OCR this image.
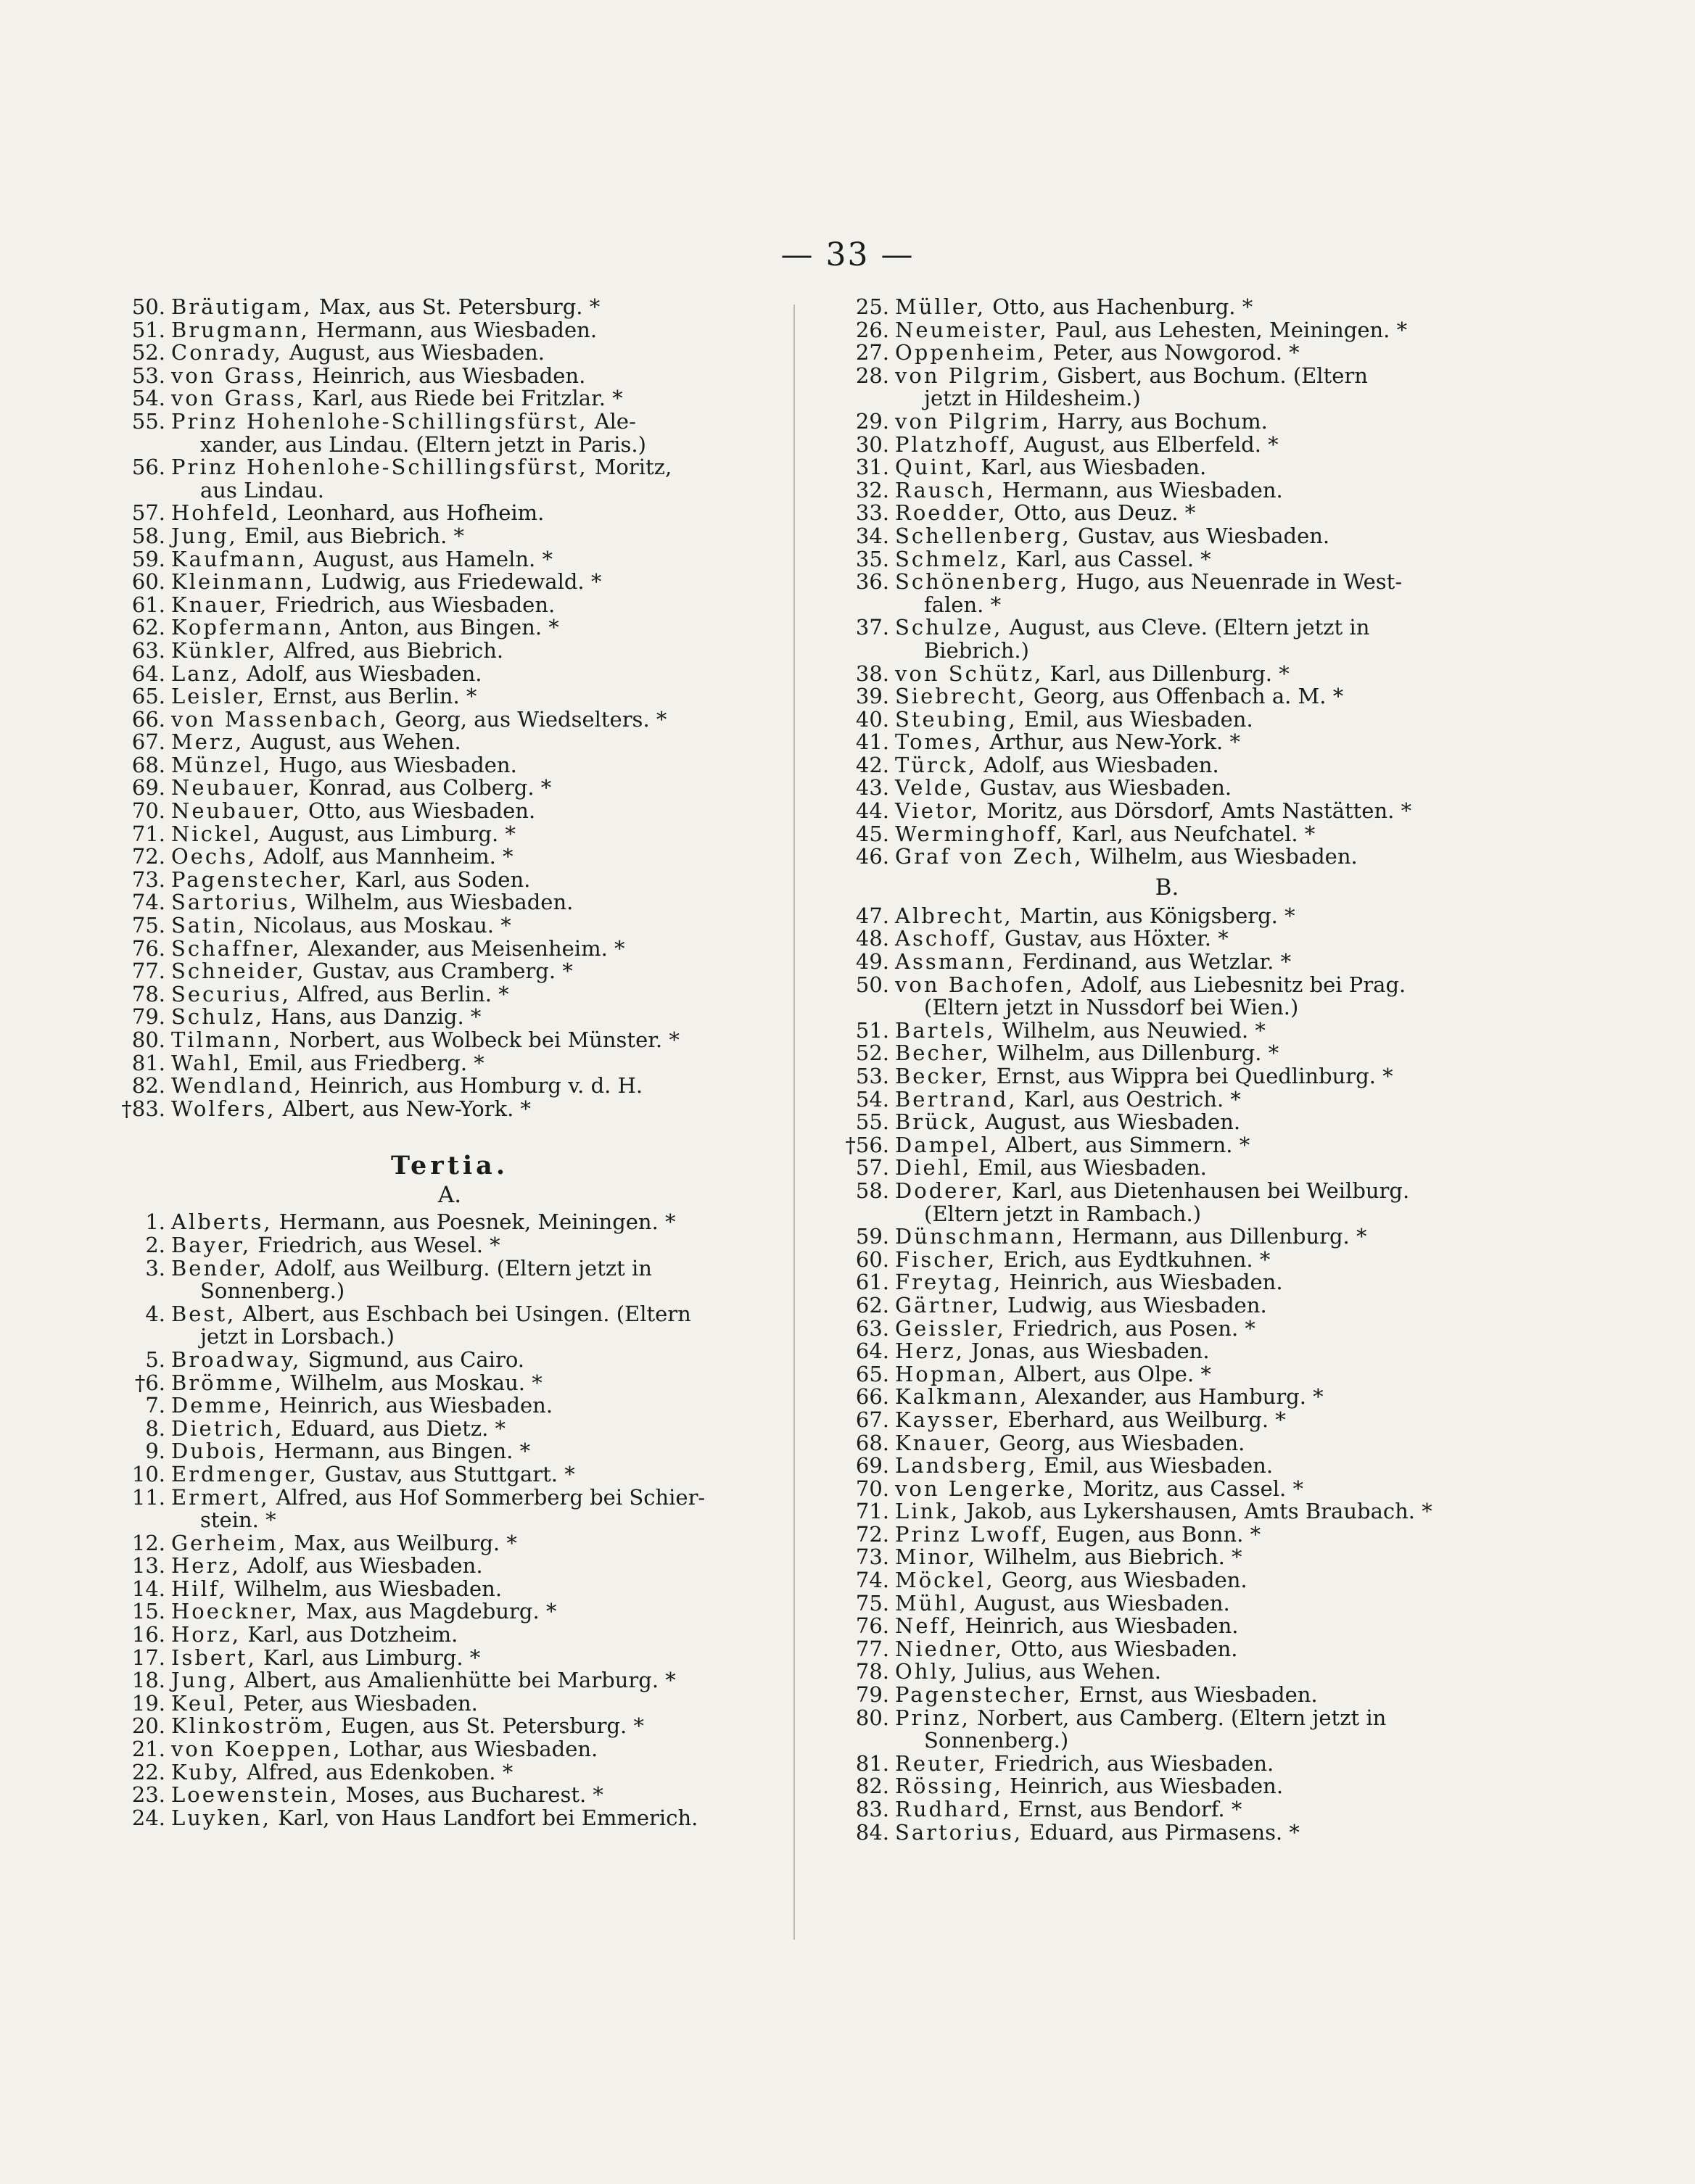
— 33 —
50. Bräutigam, Max, aus St. Petersburg. *
51. Brugmann, Hermann, aus Wiesbaden.
52. Conrady, August, aus Wiesbaden.
53. von Grass, Heinrich, aus Wiesbaden.
54. von Grass, Karl, aus Riede bei Fritzlar. *
55. Prinz Hohenlohe-Schillingsfürst, Ale-
xander, aus Lindau. (Eltern jetzt in Paris.)
56. Prinz Hohenlohe-Schillingsfürst, Moritz,
aus Lindau.
57. Hohfeld, Leonhard, aus Hofheim.
58. Jung, Emil, aus Biebrich. *
59. Kaufmann, August, aus Hameln. *
60. Kleinmann, Ludwig, aus Friedewald. *
61. Knauer, Friedrich, aus Wiesbaden.
62. Kopfermann, Anton, aus Bingen. *
63. Künkler, Alfred, aus Biebrich.
64. Lanz, Adolf, aus Wiesbaden.
65. Leisler, Ernst, aus Berlin. *
66. von Massenbach, Georg, aus Wiedselters. *
67. Merz, August, aus Wehen.
68. Münzel, Hugo, aus Wiesbaden.
69. Neubauer, Konrad, aus Colberg. *
70. Neubauer, Otto, aus Wiesbaden.
71. Nickel, August, aus Limburg. *
72. Oechs, Adolf, aus Mannheim. *
73. Pagenstecher, Karl, aus Soden.
74. Sartorius, Wilhelm, aus Wiesbaden.
75. Satin, Nicolaus, aus Moskau. *
76. Schaffner, Alexander, aus Meisenheim. *
77. Schneider, Gustav, aus Cramberg. *
78. Securius, Alfred, aus Berlin. *
79. Schulz, Hans, aus Danzig. *
80. Tilmann, Norbert, aus Wolbeck bei Münster. *
81. Wahl, Emil, aus Friedberg. *
82. Wendland, Heinrich, aus Homburg v. d. H.
†83. Wolfers, Albert, aus New-York. *
Tertia.
A.
1. Alberts, Hermann, aus Poesnek, Meiningen. *
2. Bayer, Friedrich, aus Wesel. *
3. Bender, Adolf, aus Weilburg. (Eltern jetzt in
Sonnenberg.)
4. Best, Albert, aus Eschbach bei Usingen. (Eltern
jetzt in Lorsbach.)
5. Broadway, Sigmund, aus Cairo.
†6. Brömme, Wilhelm, aus Moskau. *
7. Demme, Heinrich, aus Wiesbaden.
8. Dietrich, Eduard, aus Dietz. *
9. Dubois, Hermann, aus Bingen. *
10. Erdmenger, Gustav, aus Stuttgart. *
11. Ermert, Alfred, aus Hof Sommerberg bei Schier-
stein. *
12. Gerheim, Max, aus Weilburg. *
13. Herz, Adolf, aus Wiesbaden.
14. Hilf, Wilhelm, aus Wiesbaden.
15. Hoeckner, Max, aus Magdeburg. *
16. Horz, Karl, aus Dotzheim.
17. Isbert, Karl, aus Limburg. *
18. Jung, Albert, aus Amalienhütte bei Marburg. *
19. Keul, Peter, aus Wiesbaden.
20. Klinkoström, Eugen, aus St. Petersburg. *
21. von Koeppen, Lothar, aus Wiesbaden.
22. Kuby, Alfred, aus Edenkoben. *
23. Loewenstein, Moses, aus Bucharest. *
24. Luyken, Karl, von Haus Landfort bei Emmerich.
25. Müller, Otto, aus Hachenburg. *
26. Neumeister, Paul, aus Lehesten, Meiningen. *
27. Oppenheim, Peter, aus Nowgorod. *
28. von Pilgrim, Gisbert, aus Bochum. (Eltern
jetzt in Hildesheim.)
29. von Pilgrim, Harry, aus Bochum.
30. Platzhoff, August, aus Elberfeld. *
31. Quint, Karl, aus Wiesbaden.
32. Rausch, Hermann, aus Wiesbaden.
33. Roedder, Otto, aus Deuz. *
34. Schellenberg, Gustav, aus Wiesbaden.
35. Schmelz, Karl, aus Cassel. *
36. Schönenberg, Hugo, aus Neuenrade in West-
falen. *
37. Schulze, August, aus Cleve. (Eltern jetzt in
Biebrich.)
38. von Schütz, Karl, aus Dillenburg. *
39. Siebrecht, Georg, aus Offenbach a. M. *
40. Steubing, Emil, aus Wiesbaden.
41. Tomes, Arthur, aus New-York. *
42. Türck, Adolf, aus Wiesbaden.
43. Velde, Gustav, aus Wiesbaden.
44. Vietor, Moritz, aus Dörsdorf, Amts Nastätten. *
45. Werminghoff, Karl, aus Neufchatel. *
46. Graf von Zech, Wilhelm, aus Wiesbaden.
B .
47. Albrecht, Martin, aus Königsberg. *
48. Aschoff, Gustav, aus Höxter. *
49. Assmann, Ferdinand, aus Wetzlar. *
50. von Bachofen, Adolf, aus Liebesnitz bei Prag.
(Eltern jetzt in Nussdorf bei Wien.)
51. Bartels, Wilhelm, aus Neuwied. *
52. Becher, Wilhelm, aus Dillenburg. *
53. Becker, Ernst, aus Wippra bei Quedlinburg. *
54. Bertrand, Karl, aus Oestrich. *
55. Brück, August, aus Wiesbaden.
†56. Dampel, Albert, aus Simmern. *
57. Diehl, Emil, aus Wiesbaden.
58. Doderer, Karl, aus Dietenhausen bei Weilburg.
(Eltern jetzt in Rambach.)
59. Dünschmann, Hermann, aus Dillenburg. *
60. Fischer, Erich, aus Eydtkuhnen. *
61. Freytag, Heinrich, aus Wiesbaden.
62. Gärtner, Ludwig, aus Wiesbaden.
63. Geissler, Friedrich, aus Posen. *
64. Herz, Jonas, aus Wiesbaden.
65. Hopman, Albert, aus Olpe. *
66. Kalkmann, Alexander, aus Hamburg. *
67. Kaysser, Eberhard, aus Weilburg. *
68. Knauer, Georg, aus Wiesbaden.
69. Landsberg, Emil, aus Wiesbaden.
70. von Lengerke, Moritz, aus Cassel. *
71. Link, Jakob, aus Lykershausen, Amts Braubach. *
72. Prinz Lwoff, Eugen, aus Bonn. *
73. Minor, Wilhelm, aus Biebrich. *
74. Möckel, Georg, aus Wiesbaden.
75. Mühl, August, aus Wiesbaden.
76. Neff, Heinrich, aus Wiesbaden.
77. Niedner, Otto, aus Wiesbaden.
78. Ohly, Julius, aus Wehen.
79. Pagenstecher, Ernst, aus Wiesbaden.
80. Prinz, Norbert, aus Camberg. (Eltern jetzt in
Sonnenberg.)
81. Reuter, Friedrich, aus Wiesbaden.
82. Rössing, Heinrich, aus Wiesbaden.
83. Rudhard, Ernst, aus Bendorf. *
84. Sartorius, Eduard, aus Pirmasens. *
